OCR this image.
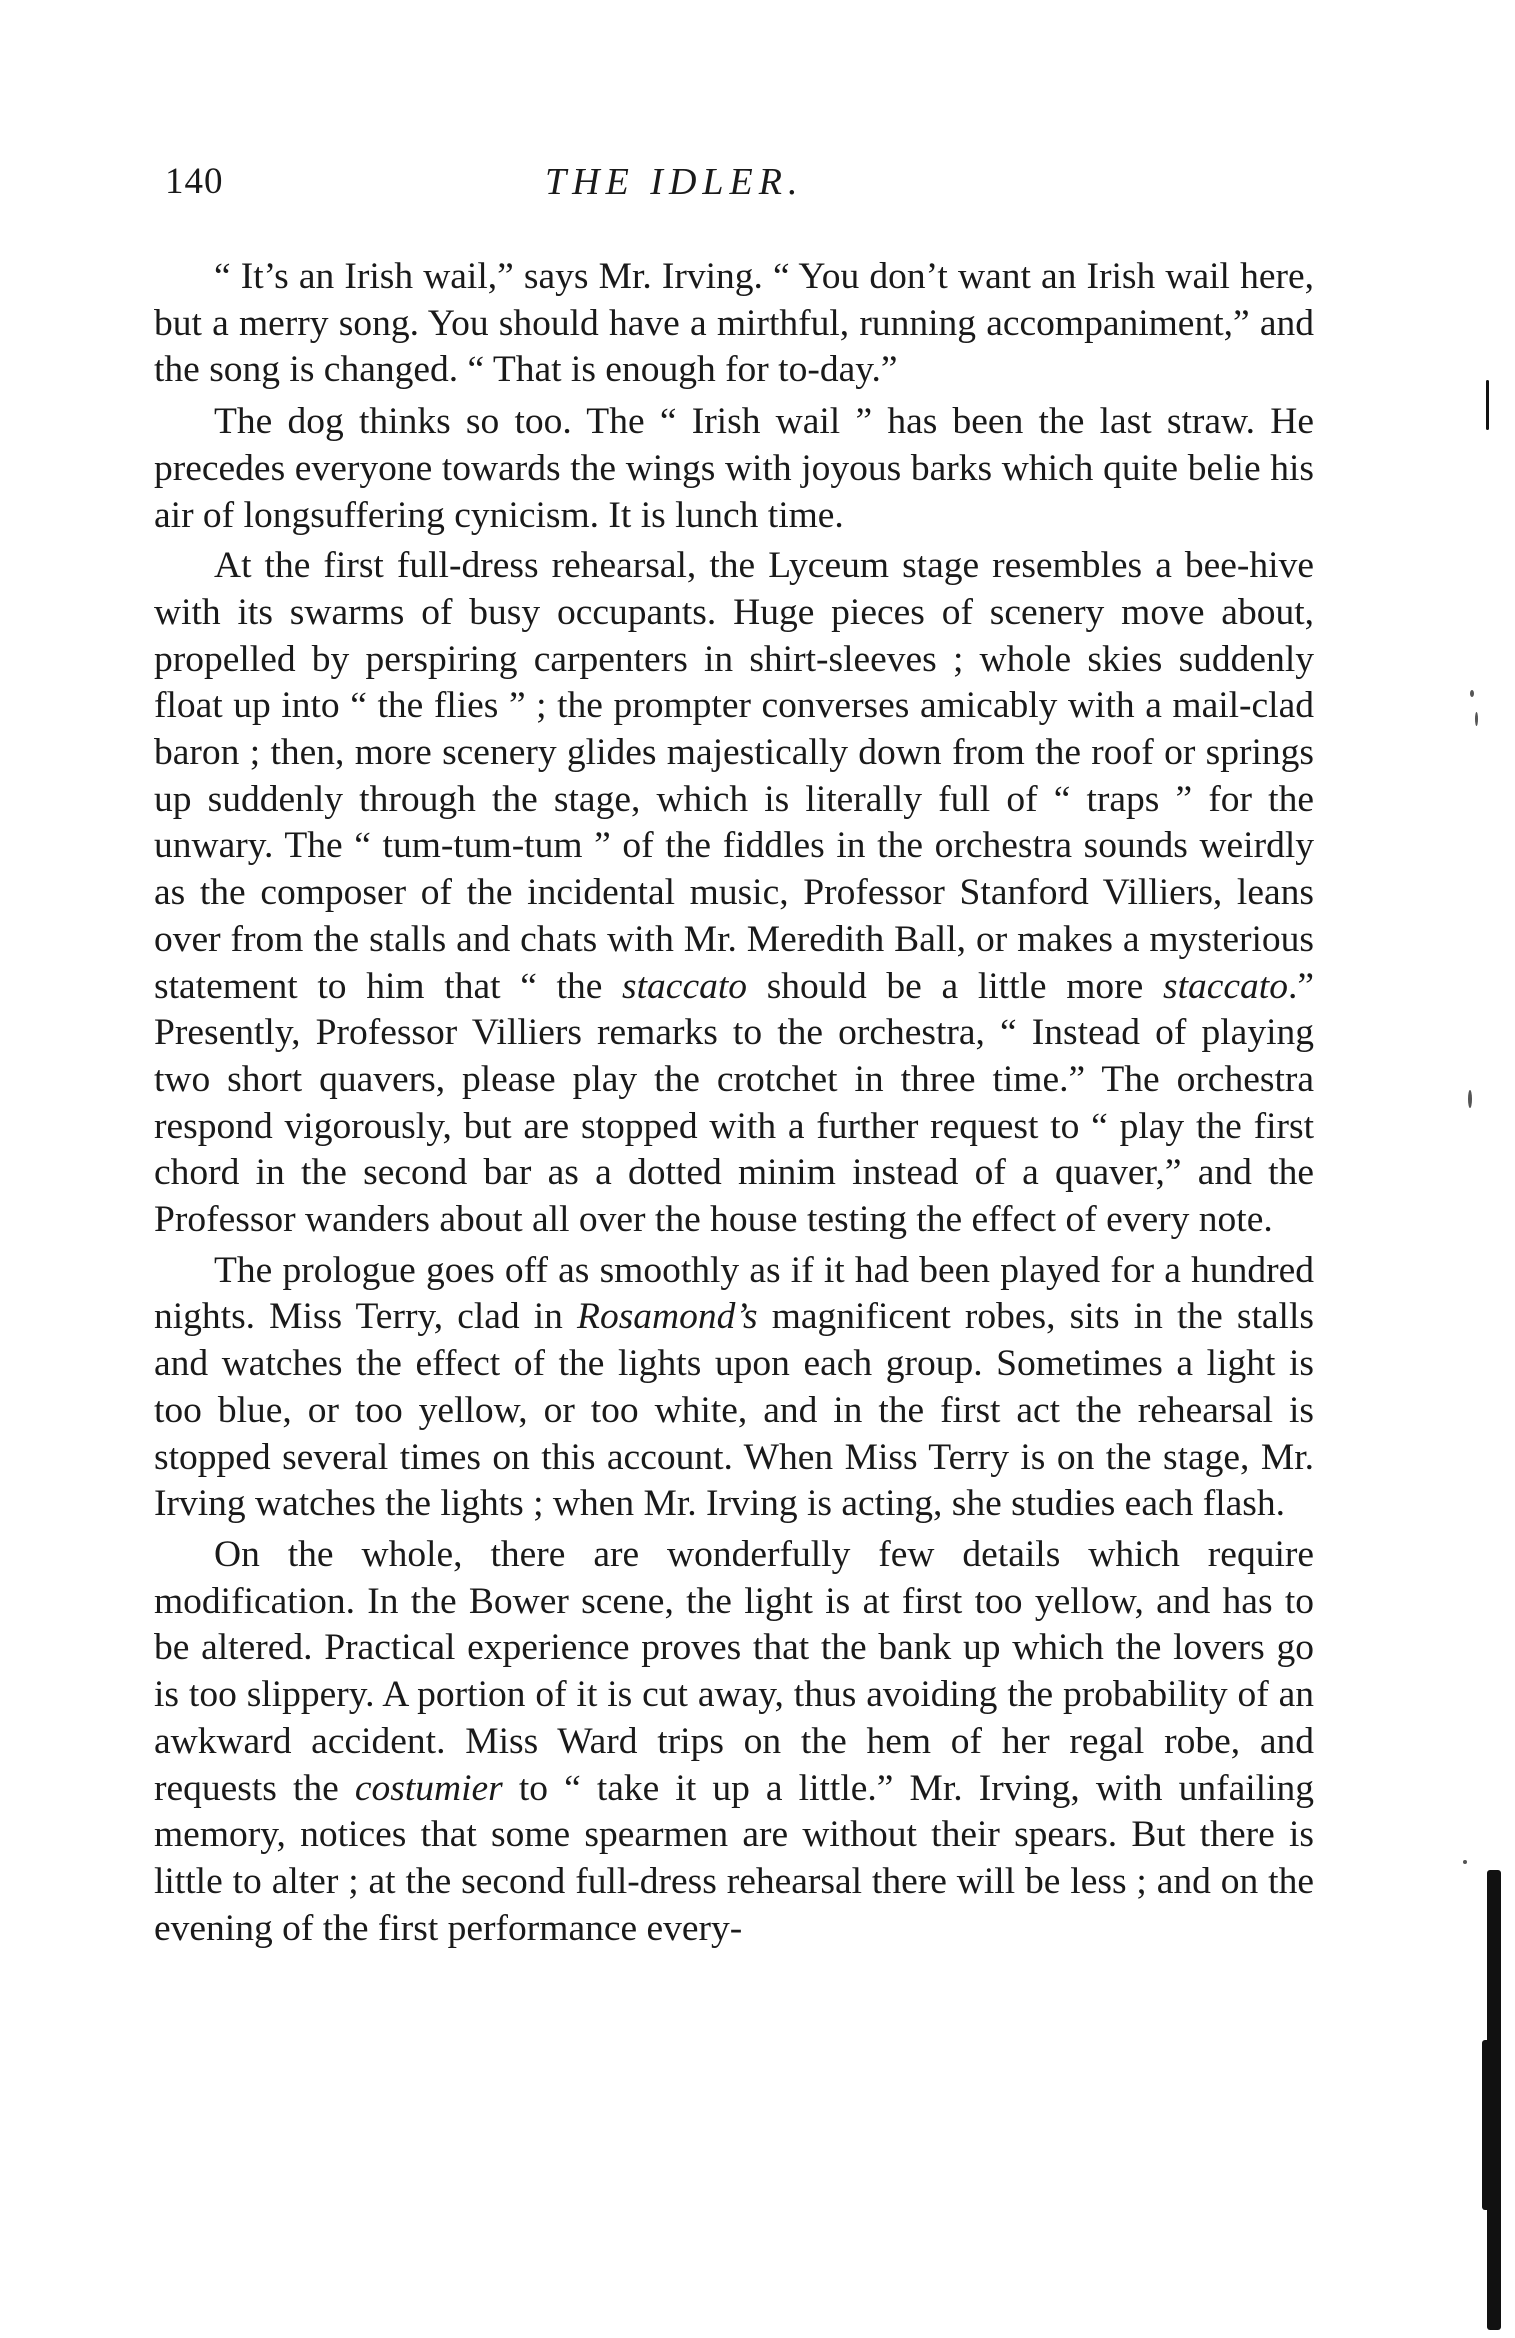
140	THE IDLER.

“ It’s an Irish wail,” says Mr. Irving. “ You don’t want an Irish wail here, but a merry song. You should have a mirthful, running accompaniment,” and the song is changed. “ That is enough for to-day.”

The dog thinks so too. The “ Irish wail ” has been the last straw. He precedes everyone towards the wings with joyous barks which quite belie his air of longsuffering cynicism. It is lunch time.

At the first full-dress rehearsal, the Lyceum stage resembles a bee-hive with its swarms of busy occupants. Huge pieces of scenery move about, propelled by perspiring carpenters in shirt-sleeves ; whole skies suddenly float up into “ the flies ” ; the prompter converses amicably with a mail-clad baron ; then, more scenery glides majestically down from the roof or springs up suddenly through the stage, which is literally full of “ traps ” for the unwary. The “ tum-tum-tum ” of the fiddles in the orchestra sounds weirdly as the composer of the incidental music, Professor Stanford Villiers, leans over from the stalls and chats with Mr. Meredith Ball, or makes a mysterious statement to him that “ the staccato should be a little more staccato.” Presently, Professor Villiers remarks to the orchestra, “ Instead of playing two short quavers, please play the crotchet in three time.” The orchestra respond vigorously, but are stopped with a further request to “ play the first chord in the second bar as a dotted minim instead of a quaver,” and the Professor wanders about all over the house testing the effect of every note.

The prologue goes off as smoothly as if it had been played for a hundred nights. Miss Terry, clad in Rosamond’s magnificent robes, sits in the stalls and watches the effect of the lights upon each group. Sometimes a light is too blue, or too yellow, or too white, and in the first act the rehearsal is stopped several times on this account. When Miss Terry is on the stage, Mr. Irving watches the lights ; when Mr. Irving is acting, she studies each flash.

On the whole, there are wonderfully few details which require modification. In the Bower scene, the light is at first too yellow, and has to be altered. Practical experience proves that the bank up which the lovers go is too slippery. A portion of it is cut away, thus avoiding the probability of an awkward accident. Miss Ward trips on the hem of her regal robe, and requests the costumier to “ take it up a little.” Mr. Irving, with unfailing memory, notices that some spearmen are without their spears. But there is little to alter ; at the second full-dress rehearsal there will be less ; and on the evening of the first performance every-
